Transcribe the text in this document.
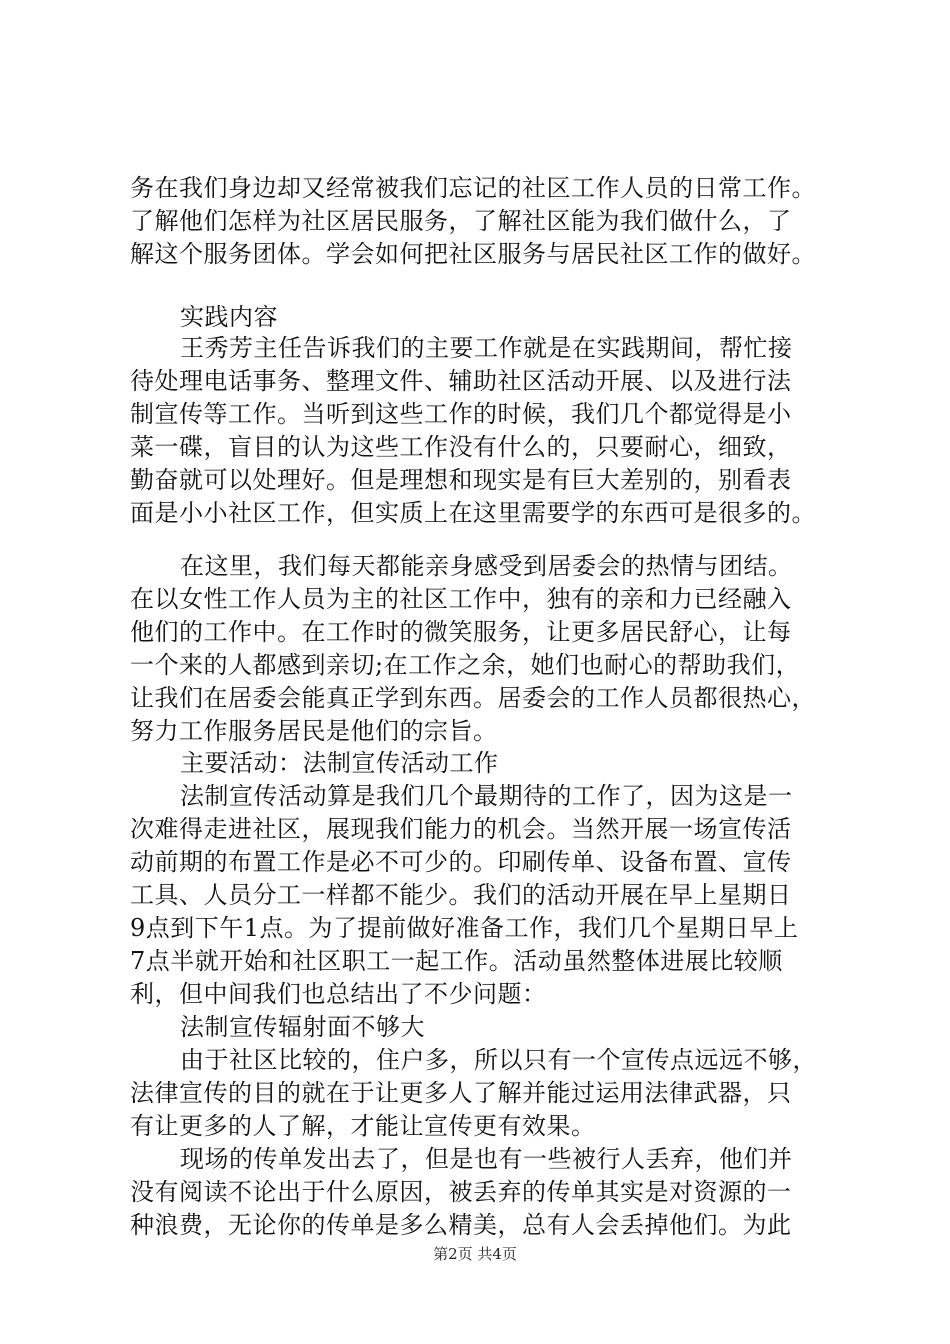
务在我们身边却又经常被我们忘记的社区工作人员的日常工作。
了解他们怎样为社区居民服务，了解社区能为我们做什么，了
解这个服务团体。学会如何把社区服务与居民社区工作的做好。
实践内容
王秀芳主任告诉我们的主要工作就是在实践期间，帮忙接
待处理电话事务、整理文件、辅助社区活动开展、以及进行法
制宣传等工作。当听到这些工作的时候，我们几个都觉得是小
菜一碟，盲目的认为这些工作没有什么的，只要耐心，细致，
勤奋就可以处理好。但是理想和现实是有巨大差别的，别看表
面是小小社区工作，但实质上在这里需要学的东西可是很多的。
在这里，我们每天都能亲身感受到居委会的热情与团结。
在以女性工作人员为主的社区工作中，独有的亲和力已经融入
他们的工作中。在工作时的微笑服务，让更多居民舒心，让每
一个来的人都感到亲切;在工作之余，她们也耐心的帮助我们，
让我们在居委会能真正学到东西。居委会的工作人员都很热心，
努力工作服务居民是他们的宗旨。
主要活动：法制宣传活动工作
法制宣传活动算是我们几个最期待的工作了，因为这是一
次难得走进社区，展现我们能力的机会。当然开展一场宣传活
动前期的布置工作是必不可少的。印刷传单、设备布置、宣传
工具、人员分工一样都不能少。我们的活动开展在早上星期日
9点到下午1点。为了提前做好准备工作，我们几个星期日早上
7点半就开始和社区职工一起工作。活动虽然整体进展比较顺
利，但中间我们也总结出了不少问题：
法制宣传辐射面不够大
由于社区比较的，住户多，所以只有一个宣传点远远不够，
法律宣传的目的就在于让更多人了解并能过运用法律武器，只
有让更多的人了解，才能让宣传更有效果。
现场的传单发出去了，但是也有一些被行人丢弃，他们并
没有阅读不论出于什么原因，被丢弃的传单其实是对资源的一
种浪费，无论你的传单是多么精美，总有人会丢掉他们。为此
第2页 共4页
